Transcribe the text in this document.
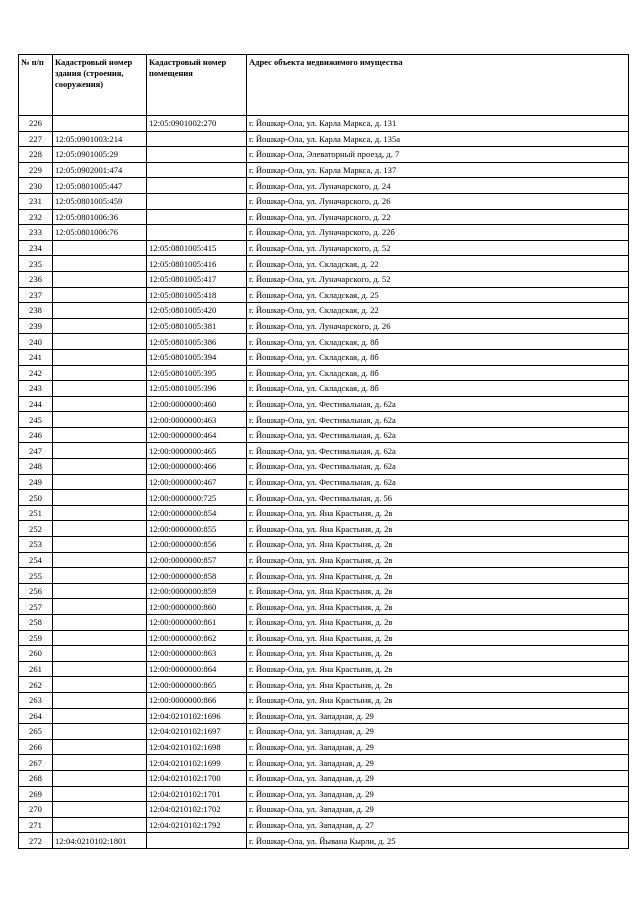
№ п/п	Кадастровый номер здания (строения, сооружения)	Кадастровый номер помещения	Адрес объекта недвижимого имущества
226		12:05:0901002:270	г. Йошкар-Ола, ул. Карла Маркса, д. 131
227	12:05:0901003:214		г. Йошкар-Ола, ул. Карла Маркса, д. 135а
228	12:05:0901005:29		г. Йошкар-Ола, Элеваторный проезд, д. 7
229	12:05:0902001:474		г. Йошкар-Ола, ул. Карла Маркса, д. 137
230	12:05:0801005:447		г. Йошкар-Ола, ул. Луначарского, д. 24
231	12:05:0801005:459		г. Йошкар-Ола, ул. Луначарского, д. 26
232	12:05:0801006:36		г. Йошкар-Ола, ул. Луначарского, д. 22
233	12:05:0801006:76		г. Йошкар-Ола, ул. Луначарского, д. 22б
234		12:05:0801005:415	г. Йошкар-Ола, ул. Луначарского, д. 52
235		12:05:0801005:416	г. Йошкар-Ола, ул. Складская, д. 22
236		12:05:0801005:417	г. Йошкар-Ола, ул. Луначарского, д. 52
237		12:05:0801005:418	г. Йошкар-Ола, ул. Складская, д. 25
238		12:05:0801005:420	г. Йошкар-Ола, ул. Складская, д. 22
239		12:05:0801005:381	г. Йошкар-Ола, ул. Луначарского, д. 26
240		12:05:0801005:386	г. Йошкар-Ола, ул. Складская, д. 8б
241		12:05:0801005:394	г. Йошкар-Ола, ул. Складская, д. 8б
242		12:05:0801005:395	г. Йошкар-Ола, ул. Складская, д. 8б
243		12:05:0801005:396	г. Йошкар-Ола, ул. Складская, д. 8б
244		12:00:0000000:460	г. Йошкар-Ола, ул. Фестивальная, д. 62а
245		12:00:0000000:463	г. Йошкар-Ола, ул. Фестивальная, д. 62а
246		12:00:0000000:464	г. Йошкар-Ола, ул. Фестивальная, д. 62а
247		12:00:0000000:465	г. Йошкар-Ола, ул. Фестивальная, д. 62а
248		12:00:0000000:466	г. Йошкар-Ола, ул. Фестивальная, д. 62а
249		12:00:0000000:467	г. Йошкар-Ола, ул. Фестивальная, д. 62а
250		12:00:0000000:725	г. Йошкар-Ола, ул. Фестивальная, д. 56
251		12:00:0000000:854	г. Йошкар-Ола, ул. Яна Крастыня, д. 2в
252		12:00:0000000:855	г. Йошкар-Ола, ул. Яна Крастыня, д. 2в
253		12:00:0000000:856	г. Йошкар-Ола, ул. Яна Крастыня, д. 2в
254		12:00:0000000:857	г. Йошкар-Ола, ул. Яна Крастыня, д. 2в
255		12:00:0000000:858	г. Йошкар-Ола, ул. Яна Крастыня, д. 2в
256		12:00:0000000:859	г. Йошкар-Ола, ул. Яна Крастыня, д. 2в
257		12:00:0000000:860	г. Йошкар-Ола, ул. Яна Крастыня, д. 2в
258		12:00:0000000:861	г. Йошкар-Ола, ул. Яна Крастыня, д. 2в
259		12:00:0000000:862	г. Йошкар-Ола, ул. Яна Крастыня, д. 2в
260		12:00:0000000:863	г. Йошкар-Ола, ул. Яна Крастыня, д. 2в
261		12:00:0000000:864	г. Йошкар-Ола, ул. Яна Крастыня, д. 2в
262		12:00:0000000:865	г. Йошкар-Ола, ул. Яна Крастыня, д. 2в
263		12:00:0000000:866	г. Йошкар-Ола, ул. Яна Крастыня, д. 2в
264		12:04:0210102:1696	г. Йошкар-Ола, ул. Западная, д. 29
265		12:04:0210102:1697	г. Йошкар-Ола, ул. Западная, д. 29
266		12:04:0210102:1698	г. Йошкар-Ола, ул. Западная, д. 29
267		12:04:0210102:1699	г. Йошкар-Ола, ул. Западная, д. 29
268		12:04:0210102:1700	г. Йошкар-Ола, ул. Западная, д. 29
269		12:04:0210102:1701	г. Йошкар-Ола, ул. Западная, д. 29
270		12:04:0210102:1702	г. Йошкар-Ола, ул. Западная, д. 29
271		12:04:0210102:1792	г. Йошкар-Ола, ул. Западная, д. 27
272	12:04:0210102:1801		г. Йошкар-Ола, ул. Йывана Кырли, д. 25
